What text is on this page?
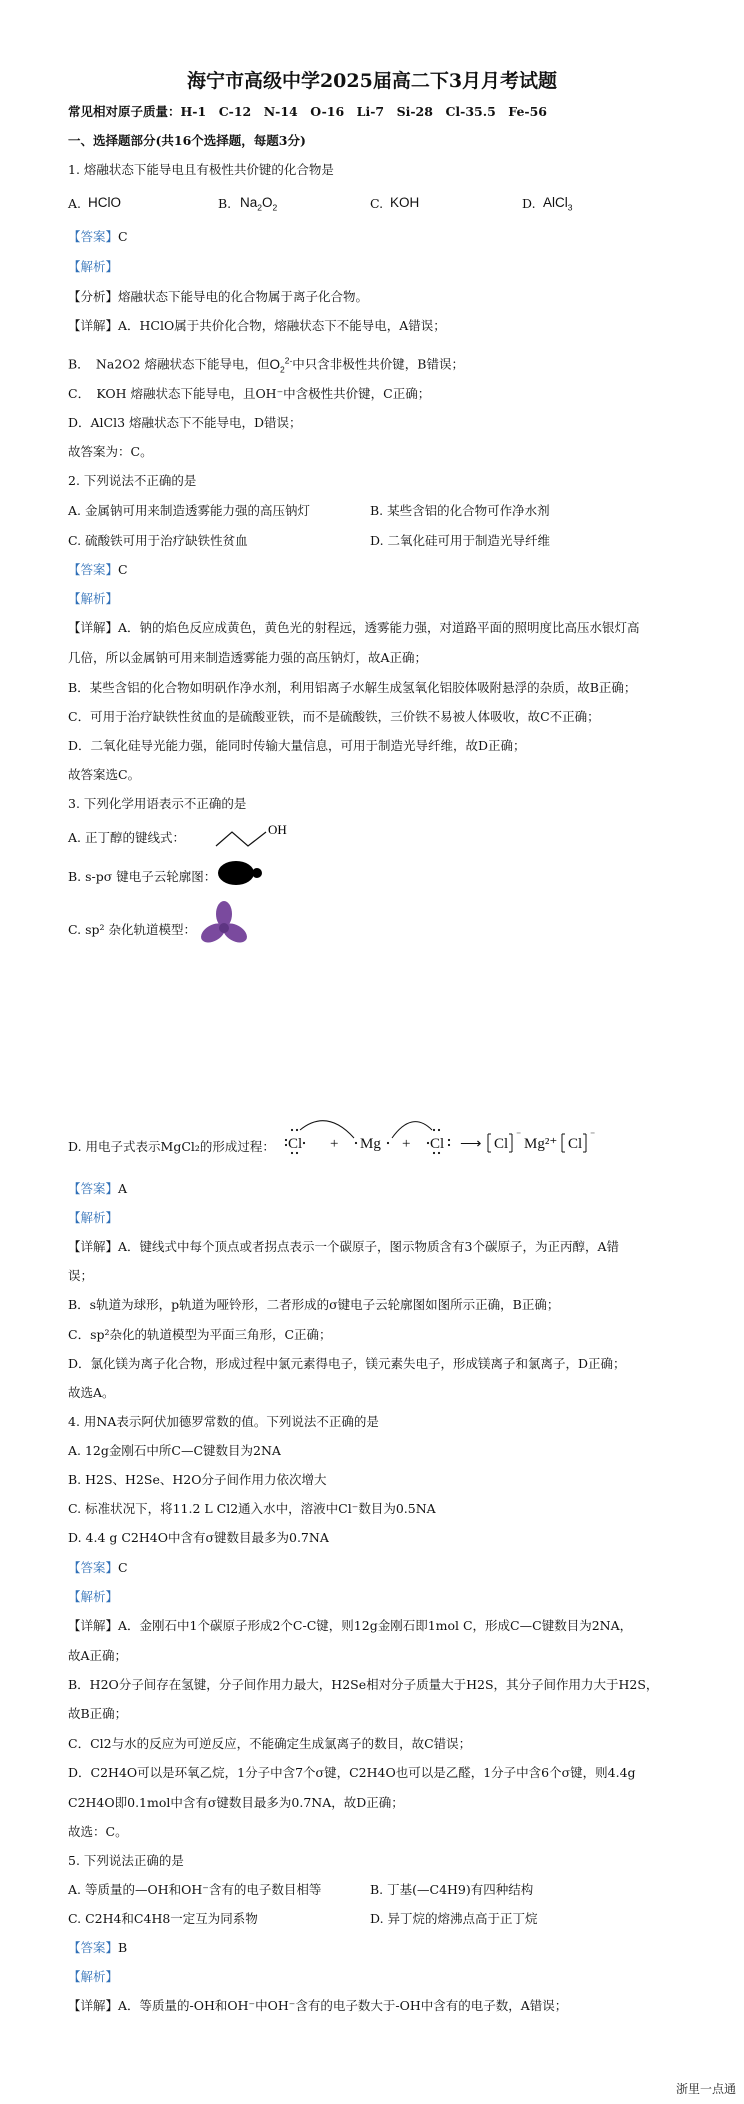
海宁市高级中学2025届高二下3月月考试题
常见相对原子质量：H-1　C-12　N-14　O-16　Li-7　Si-28　Cl-35.5　Fe-56
一、选择题部分(共16个选择题，每题3分)
1. 熔融状态下能导电且有极性共价键的化合物是
A. HClO	B. $Na_2O_2$	C. KOH	D. AlCl$_3$
【答案】C
【解析】
【分析】熔融状态下能导电的化合物属于离子化合物。
【详解】A．HClO属于共价化合物，熔融状态下不能导电，A错误；
B．　Na2O2 熔融状态下能导电，但$O_2^{2-}$中只含非极性共价键，B错误；
C．　KOH 熔融状态下能导电，且OH⁻中含极性共价键，C正确；
D．AlCl3 熔融状态下不能导电，D错误；
故答案为：C。
2. 下列说法不正确的是
A. 金属钠可用来制造透雾能力强的高压钠灯	B. 某些含铝的化合物可作净水剂
C. 硫酸铁可用于治疗缺铁性贫血	D. 二氧化硅可用于制造光导纤维
【答案】C
【解析】
【详解】A．钠的焰色反应成黄色，黄色光的射程远，透雾能力强，对道路平面的照明度比高压水银灯高
几倍，所以金属钠可用来制造透雾能力强的高压钠灯，故A正确；
B．某些含铝的化合物如明矾作净水剂，利用铝离子水解生成氢氧化铝胶体吸附悬浮的杂质，故B正确；
C．可用于治疗缺铁性贫血的是硫酸亚铁，而不是硫酸铁，三价铁不易被人体吸收，故C不正确；
D．二氧化硅导光能力强，能同时传输大量信息，可用于制造光导纤维，故D正确；
故答案选C。
3. 下列化学用语表示不正确的是
A. 正丁醇的键线式：
OH
B. s-pσ 键电子云轮廓图：
C. sp² 杂化轨道模型：
D. 用电子式表示MgCl₂的形成过程： Cl + Mg + Cl ⟶ Cl
⁻
Mg²⁺ Cl
⁻
【答案】A
【解析】
【详解】A．键线式中每个顶点或者拐点表示一个碳原子，图示物质含有3个碳原子，为正丙醇，A错
误；
B．s轨道为球形，p轨道为哑铃形，二者形成的σ键电子云轮廓图如图所示正确，B正确；
C．sp²杂化的轨道模型为平面三角形，C正确；
D．氯化镁为离子化合物，形成过程中氯元素得电子，镁元素失电子，形成镁离子和氯离子，D正确；
故选A。
4. 用NA表示阿伏加德罗常数的值。下列说法不正确的是
A. 12g金刚石中所C—C键数目为2NA
B. H2S、H2Se、H2O分子间作用力依次增大
C. 标准状况下，将11.2 L Cl2通入水中，溶液中Cl⁻数目为0.5NA
D. 4.4 g C2H4O中含有σ键数目最多为0.7NA
【答案】C
【解析】
【详解】A．金刚石中1个碳原子形成2个C-C键，则12g金刚石即1mol C，形成C—C键数目为2NA，
故A正确；
B．H2O分子间存在氢键，分子间作用力最大，H2Se相对分子质量大于H2S，其分子间作用力大于H2S，
故B正确；
C．Cl2与水的反应为可逆反应，不能确定生成氯离子的数目，故C错误；
D．C2H4O可以是环氧乙烷，1分子中含7个σ键，C2H4O也可以是乙醛，1分子中含6个σ键，则4.4g
C2H4O即0.1mol中含有σ键数目最多为0.7NA，故D正确；
故选：C。
5. 下列说法正确的是
A. 等质量的—OH和OH⁻含有的电子数目相等	B. 丁基(—C4H9)有四种结构
C. C2H4和C4H8一定互为同系物	D. 异丁烷的熔沸点高于正丁烷
【答案】B
【解析】
【详解】A．等质量的-OH和OH⁻中OH⁻含有的电子数大于-OH中含有的电子数，A错误；
浙里一点通
